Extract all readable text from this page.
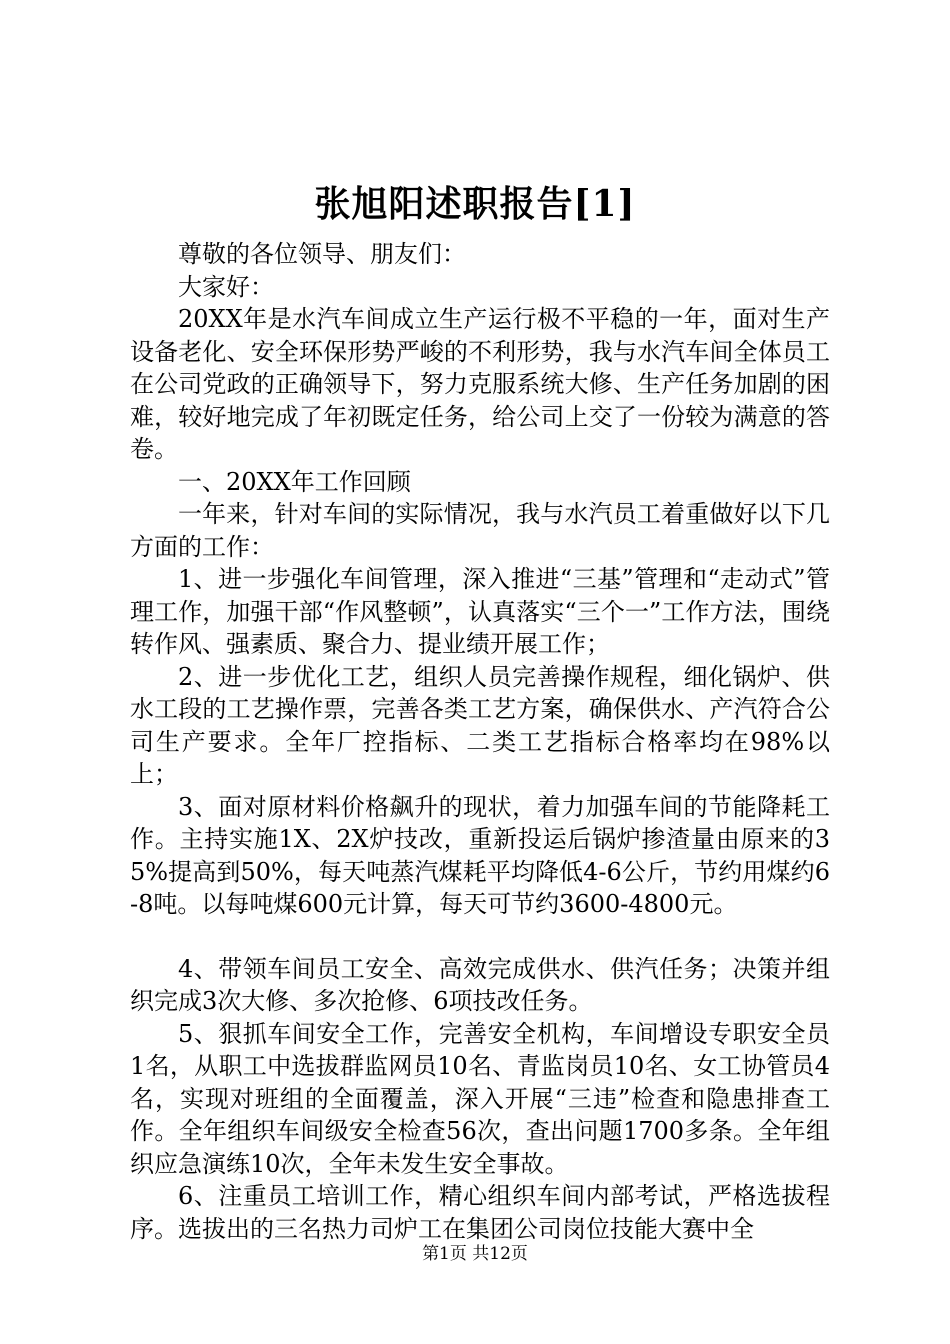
张旭阳述职报告[1]

尊敬的各位领导、朋友们：

大家好：

20XX年是水汽车间成立生产运行极不平稳的一年，面对生产设备老化、安全环保形势严峻的不利形势，我与水汽车间全体员工在公司党政的正确领导下，努力克服系统大修、生产任务加剧的困难，较好地完成了年初既定任务，给公司上交了一份较为满意的答卷。

一、20XX年工作回顾

一年来，针对车间的实际情况，我与水汽员工着重做好以下几方面的工作：

1、进一步强化车间管理，深入推进“三基”管理和“走动式”管理工作，加强干部“作风整顿”，认真落实“三个一”工作方法，围绕转作风、强素质、聚合力、提业绩开展工作；

2、进一步优化工艺，组织人员完善操作规程，细化锅炉、供水工段的工艺操作票，完善各类工艺方案，确保供水、产汽符合公司生产要求。全年厂控指标、二类工艺指标合格率均在98%以上；

3、面对原材料价格飙升的现状，着力加强车间的节能降耗工作。主持实施1X、2X炉技改，重新投运后锅炉掺渣量由原来的35%提高到50%，每天吨蒸汽煤耗平均降低4-6公斤，节约用煤约6-8吨。以每吨煤600元计算，每天可节约3600-4800元。

4、带领车间员工安全、高效完成供水、供汽任务；决策并组织完成3次大修、多次抢修、6项技改任务。

5、狠抓车间安全工作，完善安全机构，车间增设专职安全员1名，从职工中选拔群监网员10名、青监岗员10名、女工协管员4名，实现对班组的全面覆盖，深入开展“三违”检查和隐患排查工作。全年组织车间级安全检查56次，查出问题1700多条。全年组织应急演练10次，全年未发生安全事故。

6、注重员工培训工作，精心组织车间内部考试，严格选拔程序。选拔出的三名热力司炉工在集团公司岗位技能大赛中全

第1页 共12页
